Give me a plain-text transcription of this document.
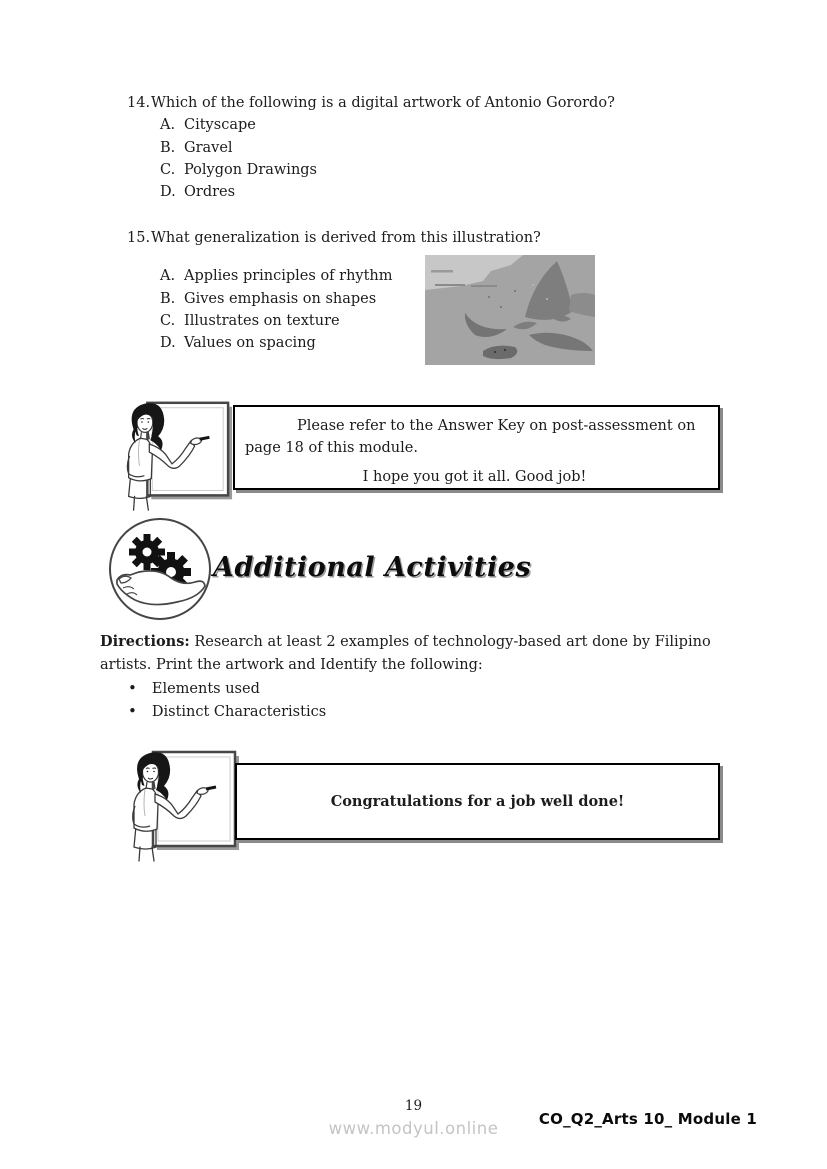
14. Which of the following is a digital artwork of Antonio Gorordo?
A. Cityscape
B. Gravel
C. Polygon Drawings
D. Ordres
15. What generalization is derived from this illustration?
A. Applies principles of rhythm
B. Gives emphasis on shapes
C. Illustrates on texture
D. Values on spacing

Please refer to the Answer Key on post-assessment on page 18 of this module.

I hope you got it all. Good job!

Additional Activities

Directions: Research at least 2 examples of technology-based art done by Filipino artists. Print the artwork and Identify the following:

• Elements used
• Distinct Characteristics

Congratulations for a job well done!

19
www.modyul.online	CO_Q2_Arts 10_ Module 1
